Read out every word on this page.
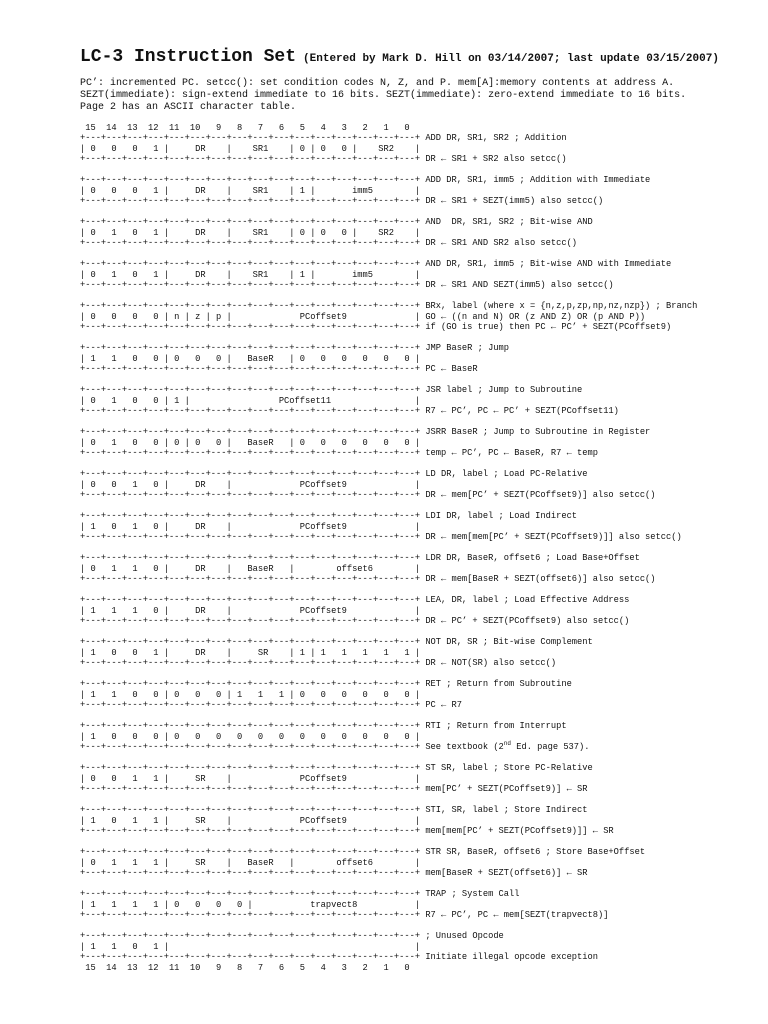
LC-3 Instruction Set (Entered by Mark D. Hill on 03/14/2007; last update 03/15/2007)
PC’: incremented PC. setcc(): set condition codes N, Z, and P. mem[A]:memory contents at address A.
SEZT(immediate): sign-extend immediate to 16 bits. SEZT(immediate): zero-extend immediate to 16 bits.
Page 2 has an ASCII character table.
15  14  13  12  11  10   9   8   7   6   5   4   3   2   1   0
+---+---+---+---+---+---+---+---+---+---+---+---+---+---+---+---+ ADD DR, SR1, SR2 ; Addition
| 0   0   0   1 |     DR    |    SR1    | 0 | 0   0 |    SR2    |
+---+---+---+---+---+---+---+---+---+---+---+---+---+---+---+---+ DR ← SR1 + SR2 also setcc()
+---+---+---+---+---+---+---+---+---+---+---+---+---+---+---+---+ ADD DR, SR1, imm5 ; Addition with Immediate
| 0   0   0   1 |     DR    |    SR1    | 1 |       imm5        |
+---+---+---+---+---+---+---+---+---+---+---+---+---+---+---+---+ DR ← SR1 + SEZT(imm5) also setcc()
+---+---+---+---+---+---+---+---+---+---+---+---+---+---+---+---+ AND  DR, SR1, SR2 ; Bit-wise AND
| 0   1   0   1 |     DR    |    SR1    | 0 | 0   0 |    SR2    |
+---+---+---+---+---+---+---+---+---+---+---+---+---+---+---+---+ DR ← SR1 AND SR2 also setcc()
+---+---+---+---+---+---+---+---+---+---+---+---+---+---+---+---+ AND DR, SR1, imm5 ; Bit-wise AND with Immediate
| 0   1   0   1 |     DR    |    SR1    | 1 |       imm5        |
+---+---+---+---+---+---+---+---+---+---+---+---+---+---+---+---+ DR ← SR1 AND SEZT(imm5) also setcc()
+---+---+---+---+---+---+---+---+---+---+---+---+---+---+---+---+ BRx, label (where x = {n,z,p,zp,np,nz,nzp}) ; Branch
| 0   0   0   0 | n | z | p |             PCoffset9             | GO ← ((n and N) OR (z AND Z) OR (p AND P))
+---+---+---+---+---+---+---+---+---+---+---+---+---+---+---+---+ if (GO is true) then PC ← PC’ + SEZT(PCoffset9)
+---+---+---+---+---+---+---+---+---+---+---+---+---+---+---+---+ JMP BaseR ; Jump
| 1   1   0   0 | 0   0   0 |   BaseR   | 0   0   0   0   0   0 |
+---+---+---+---+---+---+---+---+---+---+---+---+---+---+---+---+ PC ← BaseR
+---+---+---+---+---+---+---+---+---+---+---+---+---+---+---+---+ JSR label ; Jump to Subroutine
| 0   1   0   0 | 1 |                 PCoffset11                |
+---+---+---+---+---+---+---+---+---+---+---+---+---+---+---+---+ R7 ← PC’, PC ← PC’ + SEZT(PCoffset11)
+---+---+---+---+---+---+---+---+---+---+---+---+---+---+---+---+ JSRR BaseR ; Jump to Subroutine in Register
| 0   1   0   0 | 0 | 0   0 |   BaseR   | 0   0   0   0   0   0 |
+---+---+---+---+---+---+---+---+---+---+---+---+---+---+---+---+ temp ← PC’, PC ← BaseR, R7 ← temp
+---+---+---+---+---+---+---+---+---+---+---+---+---+---+---+---+ LD DR, label ; Load PC-Relative
| 0   0   1   0 |     DR    |             PCoffset9             |
+---+---+---+---+---+---+---+---+---+---+---+---+---+---+---+---+ DR ← mem[PC’ + SEZT(PCoffset9)] also setcc()
+---+---+---+---+---+---+---+---+---+---+---+---+---+---+---+---+ LDI DR, label ; Load Indirect
| 1   0   1   0 |     DR    |             PCoffset9             |
+---+---+---+---+---+---+---+---+---+---+---+---+---+---+---+---+ DR ← mem[mem[PC’ + SEZT(PCoffset9)]] also setcc()
+---+---+---+---+---+---+---+---+---+---+---+---+---+---+---+---+ LDR DR, BaseR, offset6 ; Load Base+Offset
| 0   1   1   0 |     DR    |   BaseR   |        offset6        |
+---+---+---+---+---+---+---+---+---+---+---+---+---+---+---+---+ DR ← mem[BaseR + SEZT(offset6)] also setcc()
+---+---+---+---+---+---+---+---+---+---+---+---+---+---+---+---+ LEA, DR, label ; Load Effective Address
| 1   1   1   0 |     DR    |             PCoffset9             |
+---+---+---+---+---+---+---+---+---+---+---+---+---+---+---+---+ DR ← PC’ + SEZT(PCoffset9) also setcc()
+---+---+---+---+---+---+---+---+---+---+---+---+---+---+---+---+ NOT DR, SR ; Bit-wise Complement
| 1   0   0   1 |     DR    |     SR    | 1 | 1   1   1   1   1 |
+---+---+---+---+---+---+---+---+---+---+---+---+---+---+---+---+ DR ← NOT(SR) also setcc()
+---+---+---+---+---+---+---+---+---+---+---+---+---+---+---+---+ RET ; Return from Subroutine
| 1   1   0   0 | 0   0   0 | 1   1   1 | 0   0   0   0   0   0 |
+---+---+---+---+---+---+---+---+---+---+---+---+---+---+---+---+ PC ← R7
+---+---+---+---+---+---+---+---+---+---+---+---+---+---+---+---+ RTI ; Return from Interrupt
| 1   0   0   0 | 0   0   0   0   0   0   0   0   0   0   0   0 |
+---+---+---+---+---+---+---+---+---+---+---+---+---+---+---+---+ See textbook (2nd Ed. page 537).
+---+---+---+---+---+---+---+---+---+---+---+---+---+---+---+---+ ST SR, label ; Store PC-Relative
| 0   0   1   1 |     SR    |             PCoffset9             |
+---+---+---+---+---+---+---+---+---+---+---+---+---+---+---+---+ mem[PC’ + SEZT(PCoffset9)] ← SR
+---+---+---+---+---+---+---+---+---+---+---+---+---+---+---+---+ STI, SR, label ; Store Indirect
| 1   0   1   1 |     SR    |             PCoffset9             |
+---+---+---+---+---+---+---+---+---+---+---+---+---+---+---+---+ mem[mem[PC’ + SEZT(PCoffset9)]] ← SR
+---+---+---+---+---+---+---+---+---+---+---+---+---+---+---+---+ STR SR, BaseR, offset6 ; Store Base+Offset
| 0   1   1   1 |     SR    |   BaseR   |        offset6        |
+---+---+---+---+---+---+---+---+---+---+---+---+---+---+---+---+ mem[BaseR + SEZT(offset6)] ← SR
+---+---+---+---+---+---+---+---+---+---+---+---+---+---+---+---+ TRAP ; System Call
| 1   1   1   1 | 0   0   0   0 |           trapvect8           |
+---+---+---+---+---+---+---+---+---+---+---+---+---+---+---+---+ R7 ← PC’, PC ← mem[SEZT(trapvect8)]
+---+---+---+---+---+---+---+---+---+---+---+---+---+---+---+---+ ; Unused Opcode
| 1   1   0   1 |                                               |
+---+---+---+---+---+---+---+---+---+---+---+---+---+---+---+---+ Initiate illegal opcode exception
15  14  13  12  11  10   9   8   7   6   5   4   3   2   1   0
